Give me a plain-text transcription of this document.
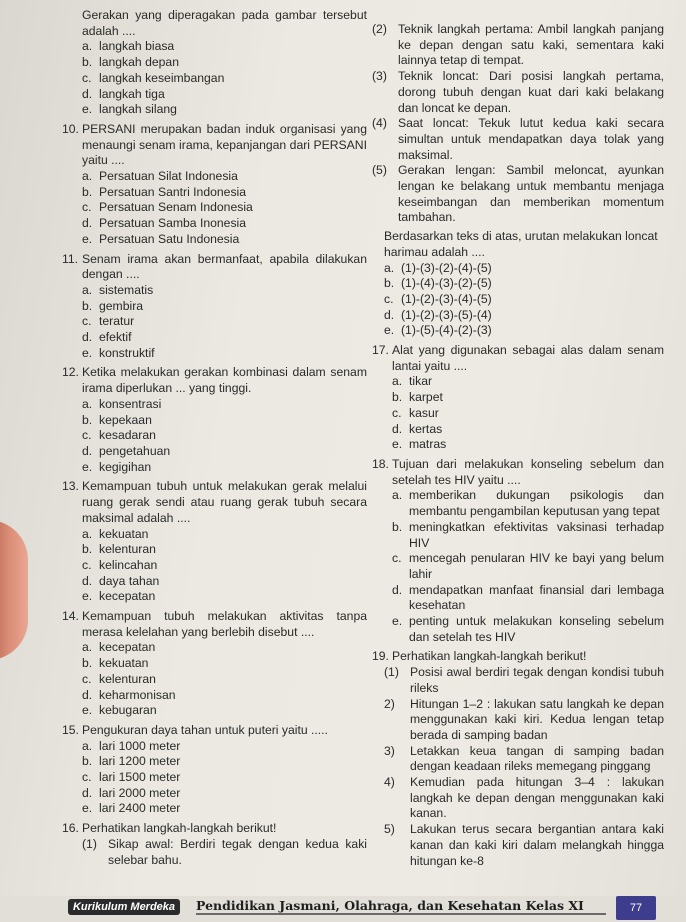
Gerakan yang diperagakan pada gambar tersebut adalah ....
a. langkah biasa
b. langkah depan
c. langkah keseimbangan
d. langkah tiga
e. langkah silang
10. PERSANI merupakan badan induk organisasi yang menaungi senam irama, kepanjangan dari PERSANI yaitu ....
a. Persatuan Silat Indonesia
b. Persatuan Santri Indonesia
c. Persatuan Senam Indonesia
d. Persatuan Samba Inonesia
e. Persatuan Satu Indonesia
11. Senam irama akan bermanfaat, apabila dilakukan dengan ....
a. sistematis
b. gembira
c. teratur
d. efektif
e. konstruktif
12. Ketika melakukan gerakan kombinasi dalam senam irama diperlukan ... yang tinggi.
a. konsentrasi
b. kepekaan
c. kesadaran
d. pengetahuan
e. kegigihan
13. Kemampuan tubuh untuk melakukan gerak melalui ruang gerak sendi atau ruang gerak tubuh secara maksimal adalah ....
a. kekuatan
b. kelenturan
c. kelincahan
d. daya tahan
e. kecepatan
14. Kemampuan tubuh melakukan aktivitas tanpa merasa kelelahan yang berlebih disebut ....
a. kecepatan
b. kekuatan
c. kelenturan
d. keharmonisan
e. kebugaran
15. Pengukuran daya tahan untuk puteri yaitu .....
a. lari 1000 meter
b. lari 1200 meter
c. lari 1500 meter
d. lari 2000 meter
e. lari 2400 meter
16. Perhatikan langkah-langkah berikut!
(1) Sikap awal: Berdiri tegak dengan kedua kaki selebar bahu.
(2) Teknik langkah pertama: Ambil langkah panjang ke depan dengan satu kaki, sementara kaki lainnya tetap di tempat.
(3) Teknik loncat: Dari posisi langkah pertama, dorong tubuh dengan kuat dari kaki belakang dan loncat ke depan.
(4) Saat loncat: Tekuk lutut kedua kaki secara simultan untuk mendapatkan daya tolak yang maksimal.
(5) Gerakan lengan: Sambil meloncat, ayunkan lengan ke belakang untuk membantu menjaga keseimbangan dan memberikan momentum tambahan.
Berdasarkan teks di atas, urutan melakukan loncat harimau adalah ....
a. (1)-(3)-(2)-(4)-(5)
b. (1)-(4)-(3)-(2)-(5)
c. (1)-(2)-(3)-(4)-(5)
d. (1)-(2)-(3)-(5)-(4)
e. (1)-(5)-(4)-(2)-(3)
17. Alat yang digunakan sebagai alas dalam senam lantai yaitu ....
a. tikar
b. karpet
c. kasur
d. kertas
e. matras
18. Tujuan dari melakukan konseling sebelum dan setelah tes HIV yaitu ....
a. memberikan dukungan psikologis dan membantu pengambilan keputusan yang tepat
b. meningkatkan efektivitas vaksinasi terhadap HIV
c. mencegah penularan HIV ke bayi yang belum lahir
d. mendapatkan manfaat finansial dari lembaga kesehatan
e. penting untuk melakukan konseling sebelum dan setelah tes HIV
19. Perhatikan langkah-langkah berikut!
(1) Posisi awal berdiri tegak dengan kondisi tubuh rileks
2)	Hitungan 1–2 : lakukan satu langkah ke depan menggunakan kaki kiri. Kedua lengan tetap berada di samping badan
3)	Letakkan keua tangan di samping badan dengan keadaan rileks memegang pinggang
4)	Kemudian pada hitungan 3–4 : lakukan langkah ke depan dengan menggunakan kaki kanan.
5)	Lakukan terus secara bergantian antara kaki kanan dan kaki kiri dalam melangkah hingga hitungan ke-8
Kurikulum Merdeka	Pendidikan Jasmani, Olahraga, dan Kesehatan Kelas XI	77
